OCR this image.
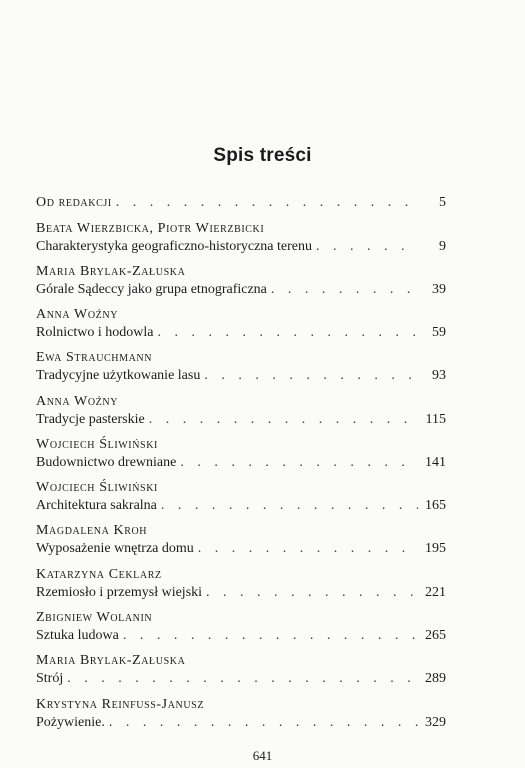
Spis treści
Od redakcji . . .	5
Beata Wierzbicka, Piotr Wierzbicki
Charakterystyka geograficzno-historyczna terenu . . .	9
Maria Brylak-Załuska
Górale Sądeccy jako grupa etnograficzna . . .	39
Anna Woźny
Rolnictwo i hodowla . . .	59
Ewa Strauchmann
Tradycyjne użytkowanie lasu . . .	93
Anna Woźny
Tradycje pasterskie . . .	115
Wojciech Śliwiński
Budownictwo drewniane . . .	141
Wojciech Śliwiński
Architektura sakralna . . .	165
Magdalena Kroh
Wyposażenie wnętrza domu . . .	195
Katarzyna Ceklarz
Rzemiosło i przemysł wiejski . . .	221
Zbigniew Wolanin
Sztuka ludowa . . .	265
Maria Brylak-Załuska
Strój . . .	289
Krystyna Reinfuss-Janusz
Pożywienie. . . .	329
641
